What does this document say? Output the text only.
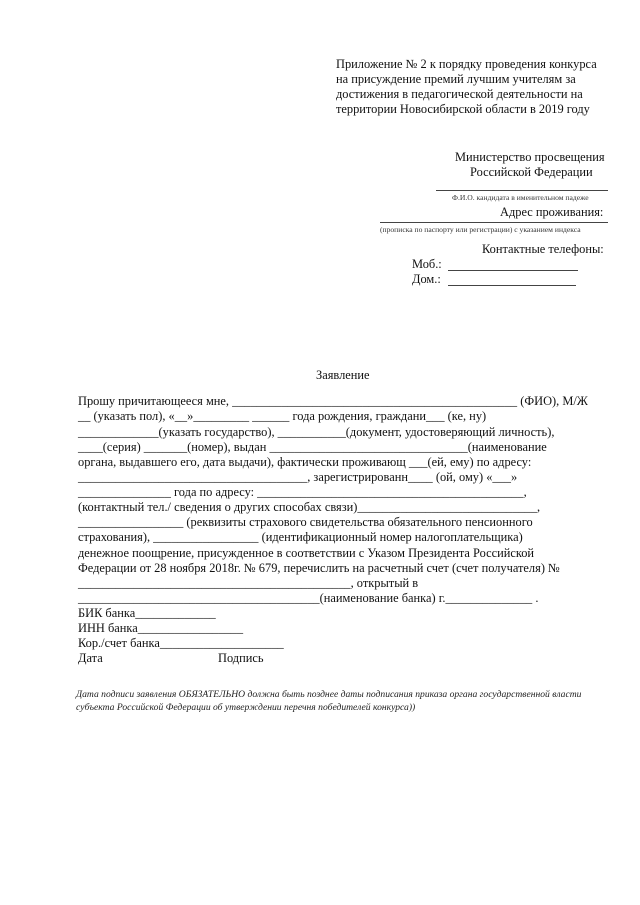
Приложение № 2 к порядку проведения конкурса
на присуждение премий лучшим учителям за
достижения в педагогической деятельности на
территории Новосибирской области в 2019 году
Министерство просвещения
Российской Федерации
Ф.И.О. кандидата в именительном падеже
Адрес проживания:
(прописка по паспорту или регистрации) с указанием индекса
Контактные телефоны:
Моб.:
Дом.:
Заявление
Прошу причитающееся мне, ______________________________________________ (ФИО), М/Ж
__ (указать пол), «__»_________ ______ года рождения, граждани___ (ке, ну)
_____________(указать государство), ___________(документ, удостоверяющий личность),
____(серия) _______(номер), выдан ________________________________(наименование
органа, выдавшего его, дата выдачи), фактически проживающ ___(ей, ему) по адресу:
_____________________________________, зарегистрированн____ (ой, ому) «___»
_______________ года по адресу: ___________________________________________,
(контактный тел./ сведения о других способах связи)_____________________________,
_________________ (реквизиты страхового свидетельства обязательного пенсионного
страхования), _________________ (идентификационный номер налогоплательщика)
денежное поощрение, присужденное в соответствии с Указом Президента Российской
Федерации от 28 ноября 2018г. № 679, перечислить на расчетный счет (счет получателя) №
____________________________________________, открытый в
_______________________________________(наименование банка) г.______________ .
БИК банка_____________
ИНН банка_________________
Кор./счет банка____________________
Дата	Подпись
Дата подписи заявления ОБЯЗАТЕЛЬНО должна быть позднее даты подписания приказа органа государственной власти субъекта Российской Федерации об утверждении перечня победителей конкурса))
